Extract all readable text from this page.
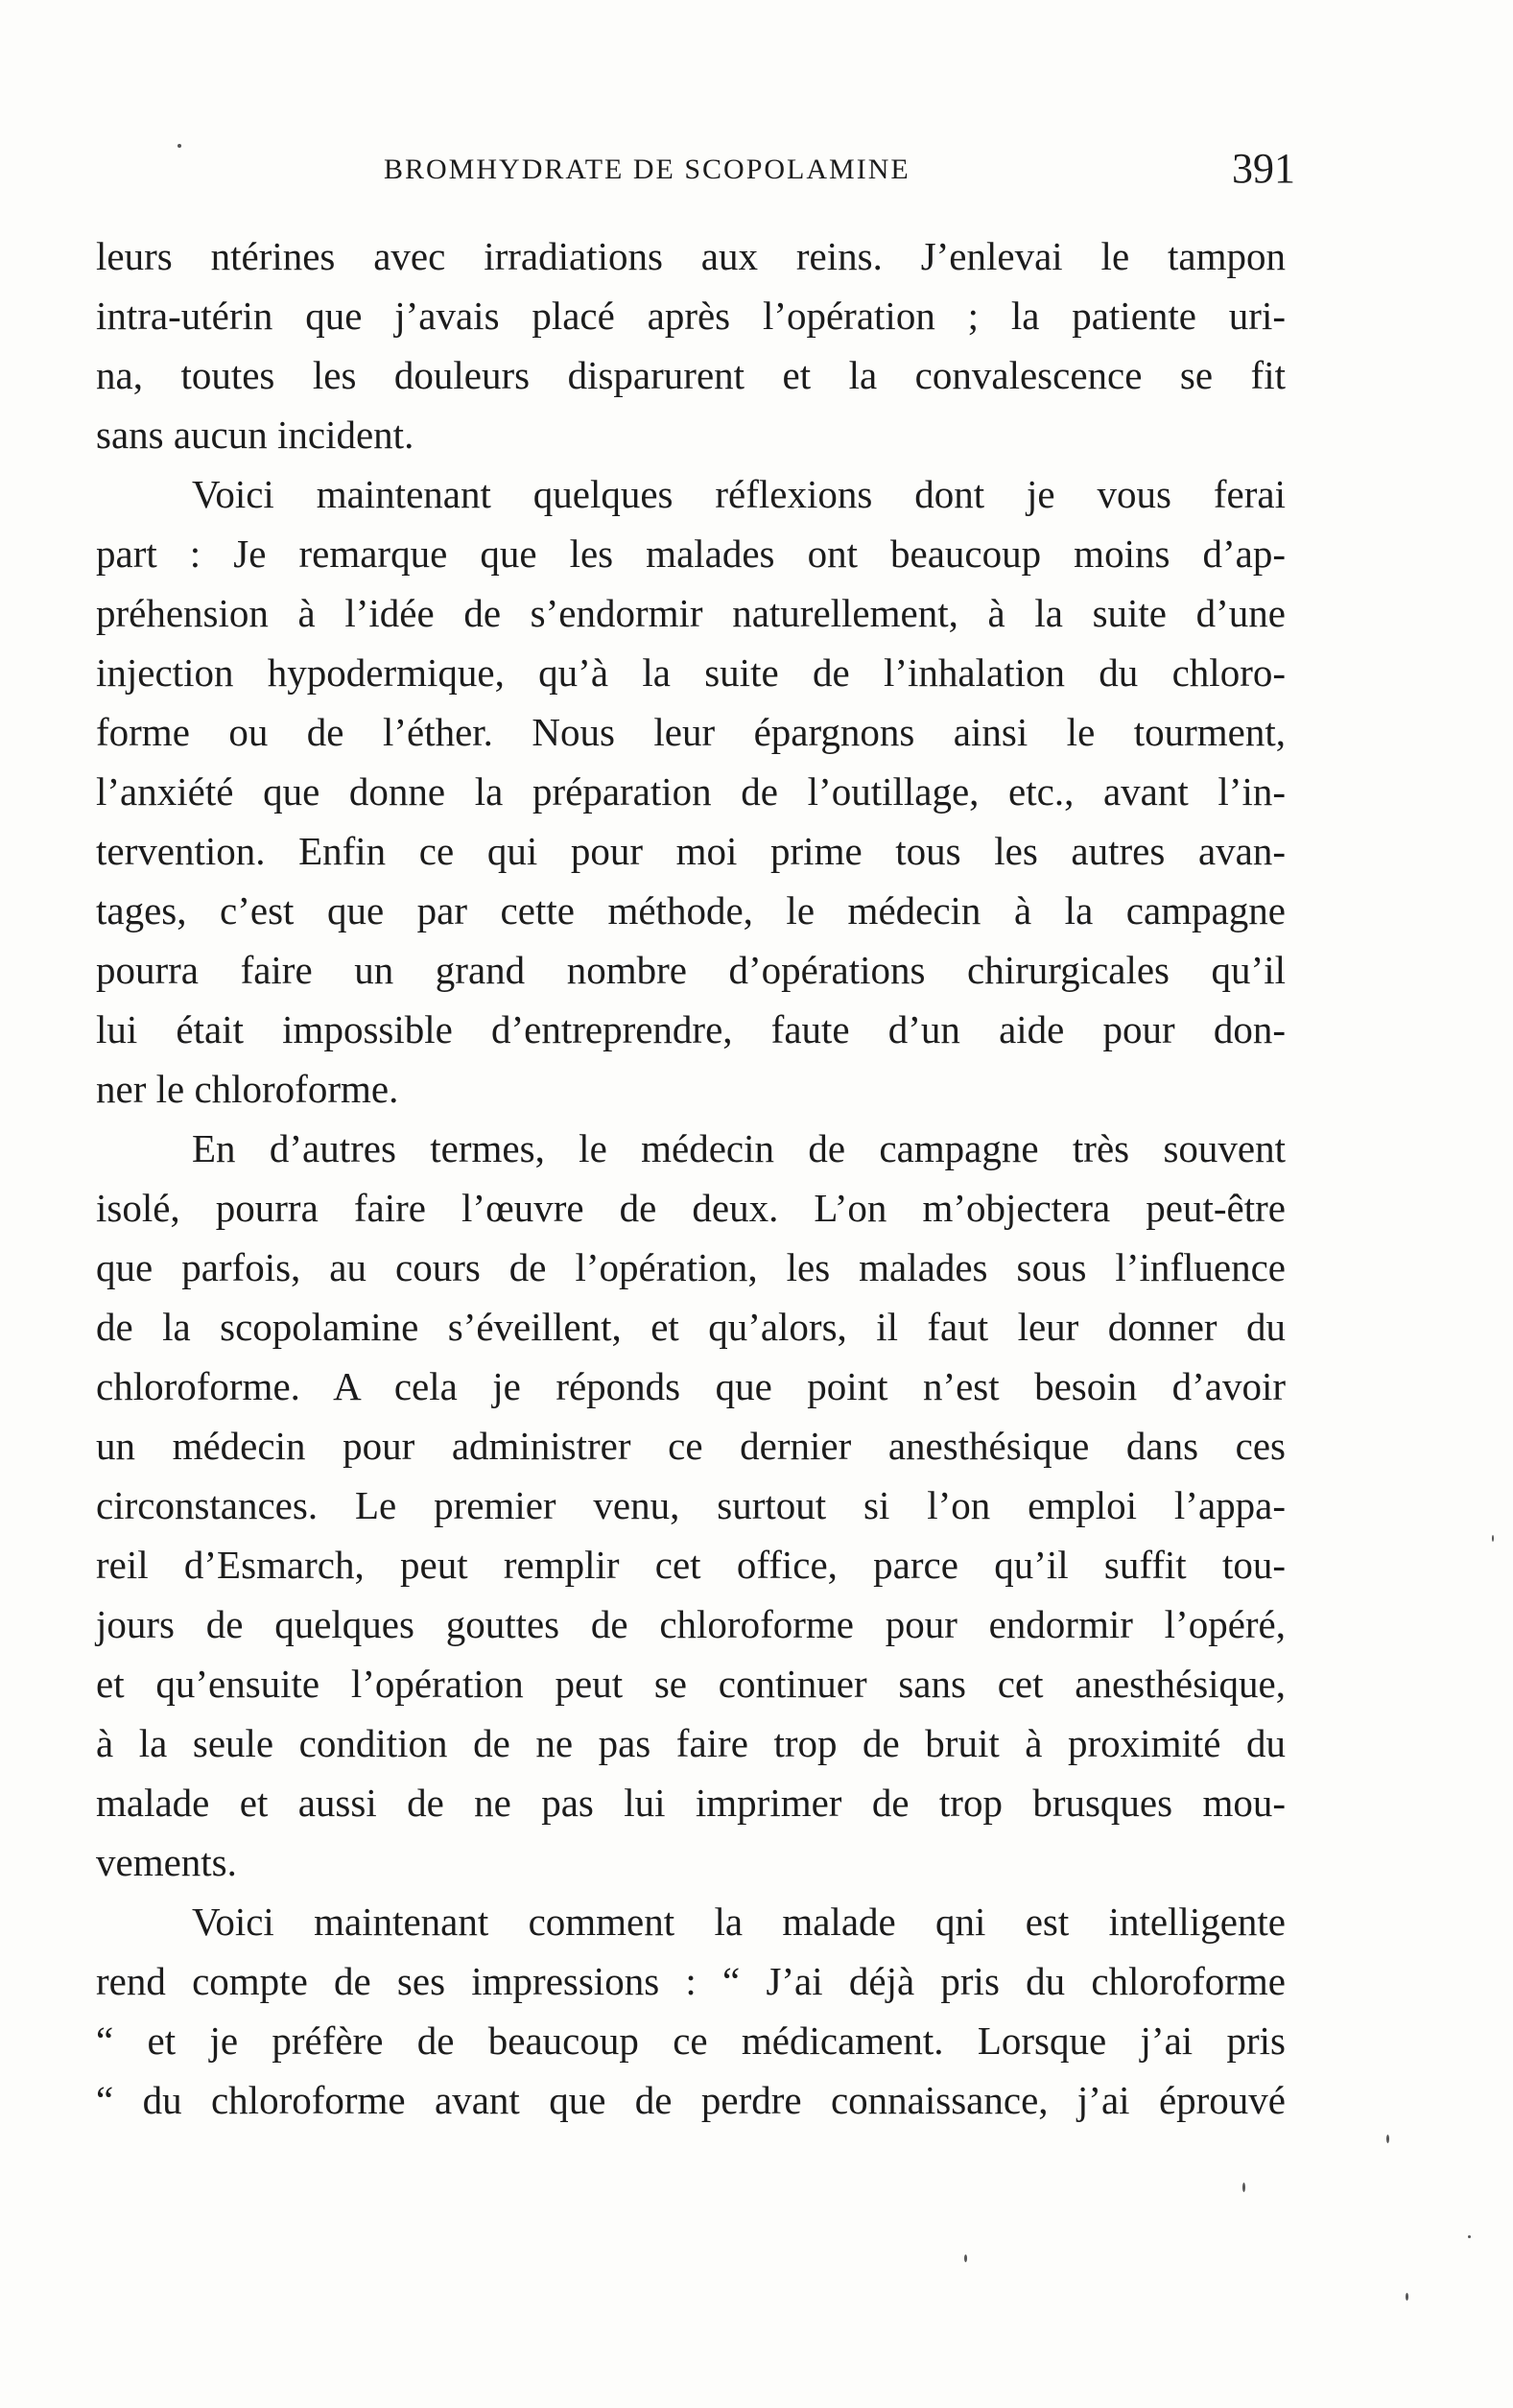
BROMHYDRATE DE SCOPOLAMINE	391
leurs ntérines avec irradiations aux reins. J’enlevai le tampon
intra-utérin que j’avais placé après l’opération ; la patiente uri-
na, toutes les douleurs disparurent et la convalescence se fit
sans aucun incident.
Voici maintenant quelques réflexions dont je vous ferai
part : Je remarque que les malades ont beaucoup moins d’ap-
préhension à l’idée de s’endormir naturellement, à la suite d’une
injection hypodermique, qu’à la suite de l’inhalation du chloro-
forme ou de l’éther. Nous leur épargnons ainsi le tourment,
l’anxiété que donne la préparation de l’outillage, etc., avant l’in-
tervention. Enfin ce qui pour moi prime tous les autres avan-
tages, c’est que par cette méthode, le médecin à la campagne
pourra faire un grand nombre d’opérations chirurgicales qu’il
lui était impossible d’entreprendre, faute d’un aide pour don-
ner le chloroforme.
En d’autres termes, le médecin de campagne très souvent
isolé, pourra faire l’œuvre de deux. L’on m’objectera peut-être
que parfois, au cours de l’opération, les malades sous l’influence
de la scopolamine s’éveillent, et qu’alors, il faut leur donner du
chloroforme. A cela je réponds que point n’est besoin d’avoir
un médecin pour administrer ce dernier anesthésique dans ces
circonstances. Le premier venu, surtout si l’on emploi l’appa-
reil d’Esmarch, peut remplir cet office, parce qu’il suffit tou-
jours de quelques gouttes de chloroforme pour endormir l’opéré,
et qu’ensuite l’opération peut se continuer sans cet anesthésique,
à la seule condition de ne pas faire trop de bruit à proximité du
malade et aussi de ne pas lui imprimer de trop brusques mou-
vements.
Voici maintenant comment la malade qni est intelligente
rend compte de ses impressions : “ J’ai déjà pris du chloroforme
“ et je préfère de beaucoup ce médicament. Lorsque j’ai pris
“ du chloroforme avant que de perdre connaissance, j’ai éprouvé
